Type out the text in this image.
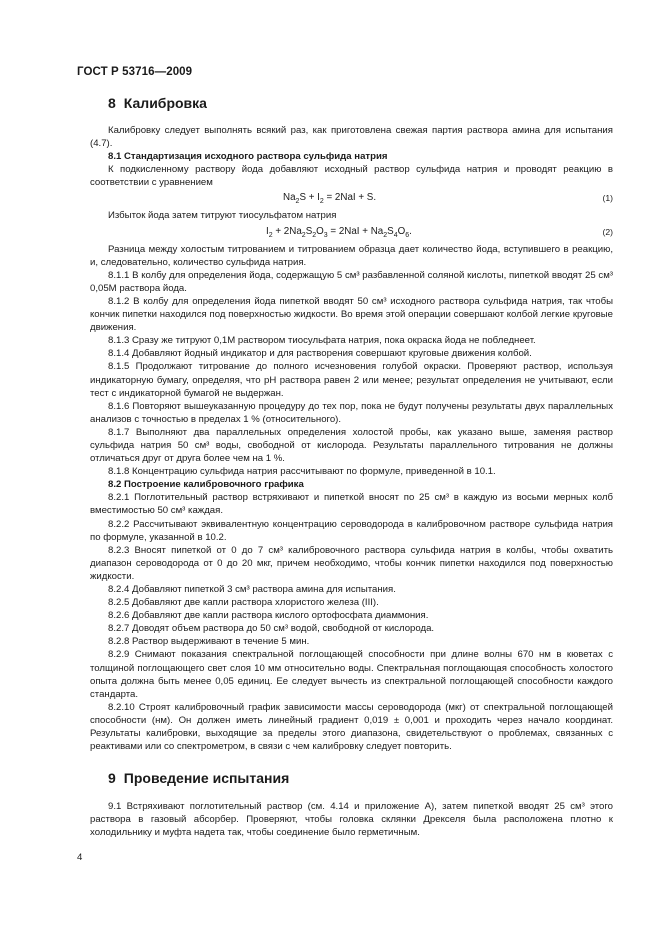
ГОСТ Р 53716—2009
8 Калибровка

Калибровку следует выполнять всякий раз, как приготовлена свежая партия раствора амина для испытания (4.7).

8.1 Стандартизация исходного раствора сульфида натрия

К подкисленному раствору йода добавляют исходный раствор сульфида натрия и проводят реакцию в соответствии с уравнением

$Na_2S + I_2 = 2NaI + S$.	(1)

Избыток йода затем титруют тиосульфатом натрия

$I_2 + 2Na_2S_2O_3 = 2NaI + Na_2S_4O_6$.	(2)

Разница между холостым титрованием и титрованием образца дает количество йода, вступившего в реакцию, и, следовательно, количество сульфида натрия.

8.1.1 В колбу для определения йода, содержащую 5 см³ разбавленной соляной кислоты, пипеткой вводят 25 см³ 0,05М раствора йода.

8.1.2 В колбу для определения йода пипеткой вводят 50 см³ исходного раствора сульфида натрия, так чтобы кончик пипетки находился под поверхностью жидкости. Во время этой операции совершают колбой легкие круговые движения.

8.1.3 Сразу же титруют 0,1М раствором тиосульфата натрия, пока окраска йода не побледнеет.

8.1.4 Добавляют йодный индикатор и для растворения совершают круговые движения колбой.

8.1.5 Продолжают титрование до полного исчезновения голубой окраски. Проверяют раствор, используя индикаторную бумагу, определяя, что pH раствора равен 2 или менее; результат определения не учитывают, если тест с индикаторной бумагой не выдержан.

8.1.6 Повторяют вышеуказанную процедуру до тех пор, пока не будут получены результаты двух параллельных анализов с точностью в пределах 1 % (относительного).

8.1.7 Выполняют два параллельных определения холостой пробы, как указано выше, заменяя раствор сульфида натрия 50 см³ воды, свободной от кислорода. Результаты параллельного титрования не должны отличаться друг от друга более чем на 1 %.

8.1.8 Концентрацию сульфида натрия рассчитывают по формуле, приведенной в 10.1.

8.2 Построение калибровочного графика

8.2.1 Поглотительный раствор встряхивают и пипеткой вносят по 25 см³ в каждую из восьми мерных колб вместимостью 50 см³ каждая.

8.2.2 Рассчитывают эквивалентную концентрацию сероводорода в калибровочном растворе сульфида натрия по формуле, указанной в 10.2.

8.2.3 Вносят пипеткой от 0 до 7 см³ калибровочного раствора сульфида натрия в колбы, чтобы охватить диапазон сероводорода от 0 до 20 мкг, причем необходимо, чтобы кончик пипетки находился под поверхностью жидкости.

8.2.4 Добавляют пипеткой 3 см³ раствора амина для испытания.

8.2.5 Добавляют две капли раствора хлористого железа (III).

8.2.6 Добавляют две капли раствора кислого ортофосфата диаммония.

8.2.7 Доводят объем раствора до 50 см³ водой, свободной от кислорода.

8.2.8 Раствор выдерживают в течение 5 мин.

8.2.9 Снимают показания спектральной поглощающей способности при длине волны 670 нм в кюветах с толщиной поглощающего свет слоя 10 мм относительно воды. Спектральная поглощающая способность холостого опыта должна быть менее 0,05 единиц. Ее следует вычесть из спектральной поглощающей способности каждого стандарта.

8.2.10 Строят калибровочный график зависимости массы сероводорода (мкг) от спектральной поглощающей способности (нм). Он должен иметь линейный градиент 0,019 ± 0,001 и проходить через начало координат. Результаты калибровки, выходящие за пределы этого диапазона, свидетельствуют о проблемах, связанных с реактивами или со спектрометром, в связи с чем калибровку следует повторить.

9 Проведение испытания

9.1 Встряхивают поглотительный раствор (см. 4.14 и приложение А), затем пипеткой вводят 25 см³ этого раствора в газовый абсорбер. Проверяют, чтобы головка склянки Дрекселя была расположена плотно к холодильнику и муфта надета так, чтобы соединение было герметичным.

4
